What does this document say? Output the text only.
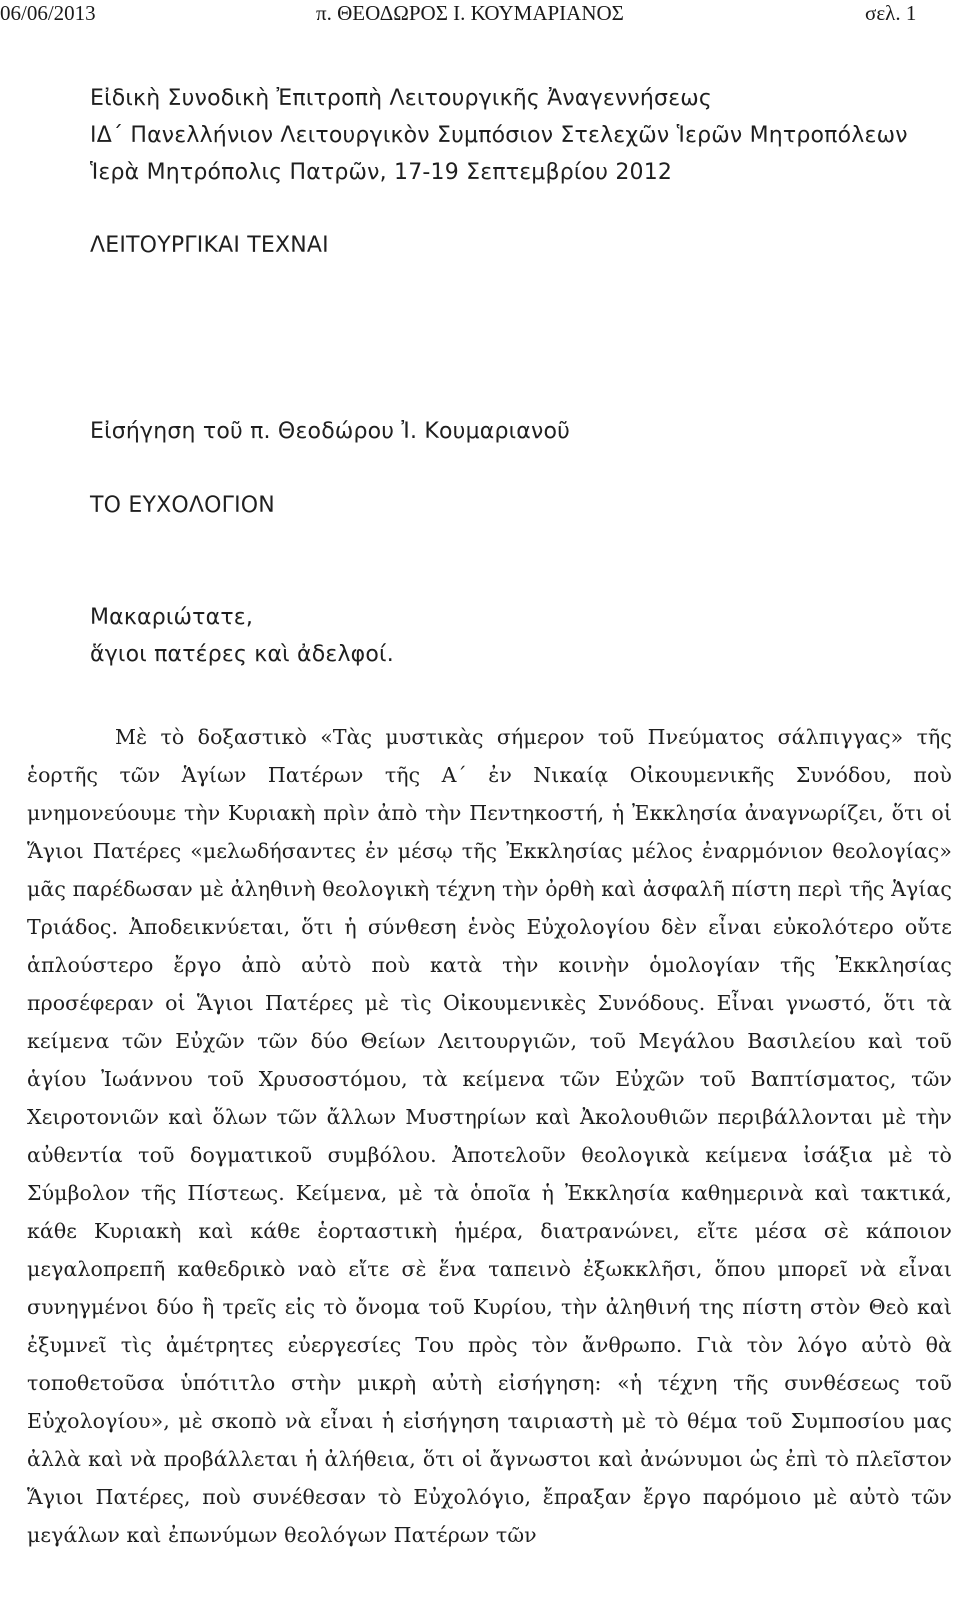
06/06/2013	π. ΘΕΟΔΩΡΟΣ Ι. ΚΟΥΜΑΡΙΑΝΟΣ	σελ. 1
Εἰδικὴ Συνοδικὴ Ἐπιτροπὴ Λειτουργικῆς Ἀναγεννήσεως
ΙΔ΄ Πανελλήνιον Λειτουργικὸν Συμπόσιον Στελεχῶν Ἱερῶν Μητροπόλεων
Ἱερὰ Μητρόπολις Πατρῶν, 17-19 Σεπτεμβρίου 2012
ΛΕΙΤΟΥΡΓΙΚΑΙ ΤΕΧΝΑΙ
Εἰσήγηση τοῦ π. Θεοδώρου Ἰ. Κουμαριανοῦ
ΤΟ ΕΥΧΟΛΟΓΙΟΝ
Μακαριώτατε,
ἅγιοι πατέρες καὶ ἀδελφοί.
Μὲ τὸ δοξαστικὸ «Τὰς μυστικὰς σήμερον τοῦ Πνεύματος σάλπιγγας» τῆς ἑορτῆς τῶν Ἁγίων Πατέρων τῆς Α΄ ἐν Νικαίᾳ Οἰκουμενικῆς Συνόδου, ποὺ μνημονεύουμε τὴν Κυριακὴ πρὶν ἀπὸ τὴν Πεντηκοστή, ἡ Ἐκκλησία ἀναγνωρίζει, ὅτι οἱ Ἅγιοι Πατέρες «μελωδήσαντες ἐν μέσῳ τῆς Ἐκκλησίας μέλος ἐναρμόνιον θεολογίας» μᾶς παρέδωσαν μὲ ἀληθινὴ θεολογικὴ τέχνη τὴν ὀρθὴ καὶ ἀσφαλῆ πίστη περὶ τῆς Ἁγίας Τριάδος. Ἀποδεικνύεται, ὅτι ἡ σύνθεση ἑνὸς Εὐχολογίου δὲν εἶναι εὐκολότερο οὔτε ἁπλούστερο ἔργο ἀπὸ αὐτὸ ποὺ κατὰ τὴν κοινὴν ὁμολογίαν τῆς Ἐκκλησίας προσέφεραν οἱ Ἅγιοι Πατέρες μὲ τὶς Οἰκουμενικὲς Συνόδους. Εἶναι γνωστό, ὅτι τὰ κείμενα τῶν Εὐχῶν τῶν δύο Θείων Λειτουργιῶν, τοῦ Μεγάλου Βασιλείου καὶ τοῦ ἁγίου Ἰωάννου τοῦ Χρυσοστόμου, τὰ κείμενα τῶν Εὐχῶν τοῦ Βαπτίσματος, τῶν Χειροτονιῶν καὶ ὅλων τῶν ἄλλων Μυστηρίων καὶ Ἀκολουθιῶν περιβάλλονται μὲ τὴν αὐθεντία τοῦ δογματικοῦ συμβόλου. Ἀποτελοῦν θεολογικὰ κείμενα ἰσάξια μὲ τὸ Σύμβολον τῆς Πίστεως. Κείμενα, μὲ τὰ ὁποῖα ἡ Ἐκκλησία καθημερινὰ καὶ τακτικά, κάθε Κυριακὴ καὶ κάθε ἑορταστικὴ ἡμέρα, διατρανώνει, εἴτε μέσα σὲ κάποιον μεγαλοπρεπῆ καθεδρικὸ ναὸ εἴτε σὲ ἕνα ταπεινὸ ἐξωκκλῆσι, ὅπου μπορεῖ νὰ εἶναι συνηγμένοι δύο ἢ τρεῖς εἰς τὸ ὄνομα τοῦ Κυρίου, τὴν ἀληθινή της πίστη στὸν Θεὸ καὶ ἐξυμνεῖ τὶς ἀμέτρητες εὐεργεσίες Του πρὸς τὸν ἄνθρωπο. Γιὰ τὸν λόγο αὐτὸ θὰ τοποθετοῦσα ὑπότιτλο στὴν μικρὴ αὐτὴ εἰσήγηση: «ἡ τέχνη τῆς συνθέσεως τοῦ Εὐχολογίου», μὲ σκοπὸ νὰ εἶναι ἡ εἰσήγηση ταιριαστὴ μὲ τὸ θέμα τοῦ Συμποσίου μας ἀλλὰ καὶ νὰ προβάλλεται ἡ ἀλήθεια, ὅτι οἱ ἄγνωστοι καὶ ἀνώνυμοι ὡς ἐπὶ τὸ πλεῖστον Ἅγιοι Πατέρες, ποὺ συνέθεσαν τὸ Εὐχολόγιο, ἔπραξαν ἔργο παρόμοιο μὲ αὐτὸ τῶν μεγάλων καὶ ἐπωνύμων θεολόγων Πατέρων τῶν
